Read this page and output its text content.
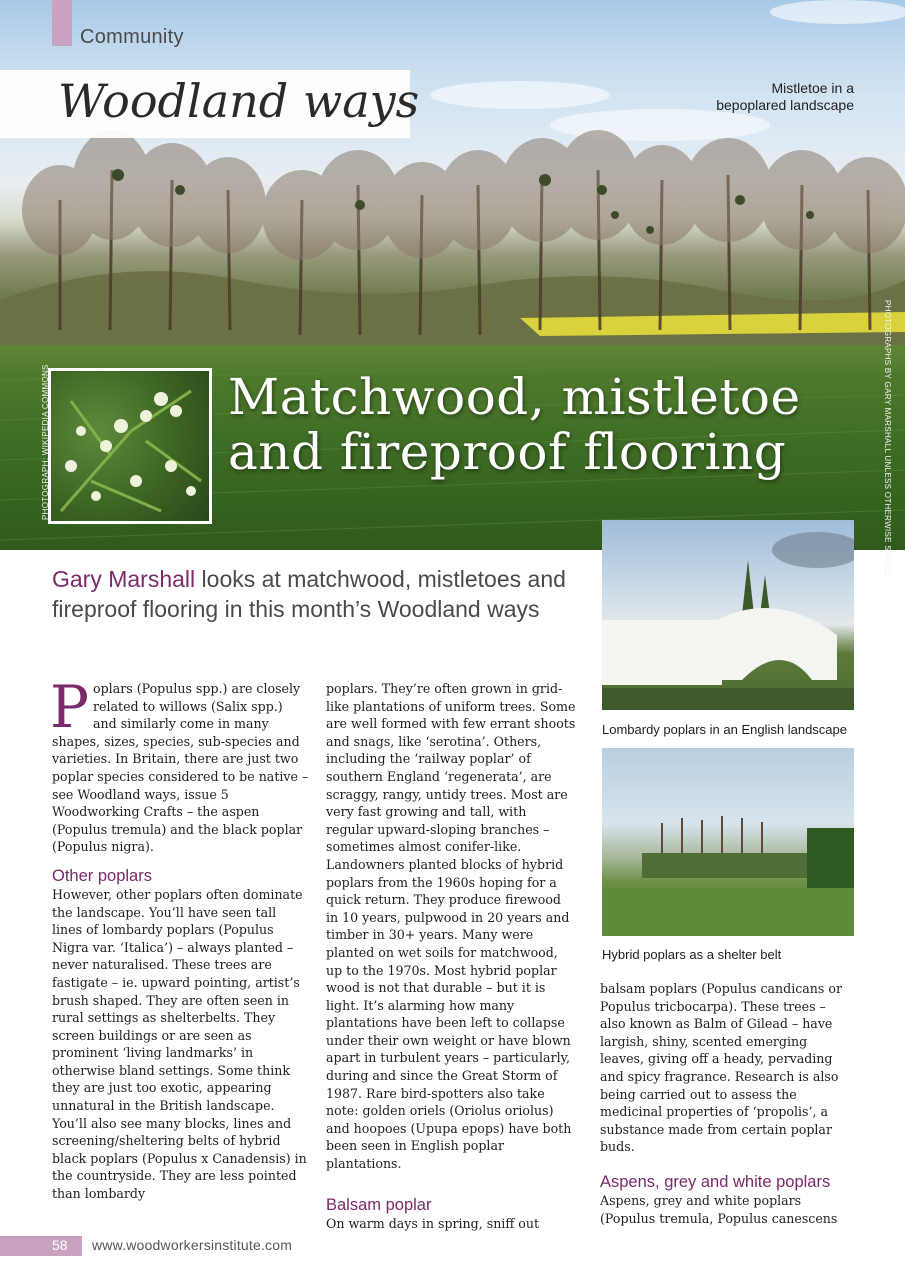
Community
Woodland ways	Mistletoe in a bepoplared landscape
PHOTOGRAPHS BY GARY MARSHALL UNLESS OTHERWISE STATED
PHOTOGRAPH: WIKIPEDIA COMMONS	Matchwood, mistletoe
and fireproof flooring
Gary Marshall looks at matchwood, mistletoes and fireproof flooring in this month’s Woodland ways

Poplars (Populus spp.) are closely related to willows (Salix spp.) and similarly come in many shapes, sizes, species, sub-species and varieties. In Britain, there are just two poplar species considered to be native – see Woodland ways, issue 5 Woodworking Crafts – the aspen (Populus tremula) and the black poplar (Populus nigra).

Other poplars

However, other poplars often dominate the landscape. You’ll have seen tall lines of lombardy poplars (Populus Nigra var. ‘Italica’) – always planted – never naturalised. These trees are fastigate – ie. upward pointing, artist’s brush shaped. They are often seen in rural settings as shelterbelts. They screen buildings or are seen as prominent ‘living landmarks’ in otherwise bland settings. Some think they are just too exotic, appearing unnatural in the British landscape. You’ll also see many blocks, lines and screening/sheltering belts of hybrid black poplars (Populus x Canadensis) in the countryside. They are less pointed than lombardy

poplars. They’re often grown in grid-like plantations of uniform trees. Some are well formed with few errant shoots and snags, like ‘serotina’. Others, including the ‘railway poplar’ of southern England ‘regenerata’, are scraggy, rangy, untidy trees. Most are very fast growing and tall, with regular upward-sloping branches – sometimes almost conifer-like. Landowners planted blocks of hybrid poplars from the 1960s hoping for a quick return. They produce firewood in 10 years, pulpwood in 20 years and timber in 30+ years. Many were planted on wet soils for matchwood, up to the 1970s. Most hybrid poplar wood is not that durable – but it is light. It’s alarming how many plantations have been left to collapse under their own weight or have blown apart in turbulent years – particularly, during and since the Great Storm of 1987. Rare bird-spotters also take note: golden oriels (Oriolus oriolus) and hoopoes (Upupa epops) have both been seen in English poplar plantations.

Balsam poplar

On warm days in spring, sniff out

Lombardy poplars in an English landscape
Hybrid poplars as a shelter belt

balsam poplars (Populus candicans or Populus tricbocarpa). These trees – also known as Balm of Gilead – have largish, shiny, scented emerging leaves, giving off a heady, pervading and spicy fragrance. Research is also being carried out to assess the medicinal properties of ‘propolis’, a substance made from certain poplar buds.

Aspens, grey and white poplars

Aspens, grey and white poplars (Populus tremula, Populus canescens

58 www.woodworkersinstitute.com
